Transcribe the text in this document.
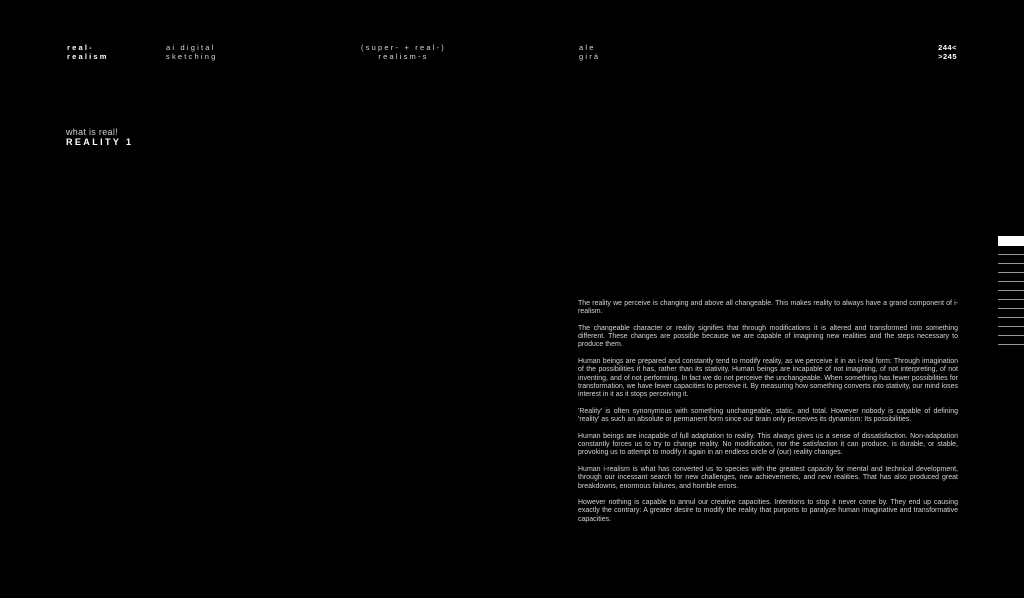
real-
realism
ai digital
sketching
(super- + real-)
realism-s
ale
girá
244<
>245
what is real!
REALITY 1

The reality we perceive is changing and above all changeable. This makes reality to always have a grand component of i-realism.

The changeable character or reality signifies that through modifications it is altered and transformed into something different. These changes are possible because we are capable of imagining new realities and the steps necessary to produce them.

Human beings are prepared and constantly tend to modify reality, as we perceive it in an i-real form: Through imagination of the possibilities it has, rather than its stativity. Human beings are incapable of not imagining, of not interpreting, of not inventing, and of not performing. In fact we do not perceive the unchangeable. When something has fewer possibilities for transformation, we have fewer capacities to perceive it. By measuring how something converts into stativity, our mind loses interest in it as it stops perceiving it.

'Reality' is often synonymous with something unchangeable, static, and total. However nobody is capable of defining 'reality' as such an absolute or permanent form since our brain only perceives its dynamism: Its possibilities.

Human beings are incapable of full adaptation to reality. This always gives us a sense of dissatisfaction. Non-adaptation constantly forces us to try to change reality. No modification, nor the satisfaction it can produce, is durable, or stable, provoking us to attempt to modify it again in an endless circle of (our) reality changes.

Human i-realism is what has converted us to species with the greatest capacity for mental and technical development, through our incessant search for new challenges, new achievements, and new realities. That has also produced great breakdowns, enormous failures, and horrible errors.

However nothing is capable to annul our creative capacities. Intentions to stop it never come by. They end up causing exactly the contrary: A greater desire to modify the reality that purports to paralyze human imaginative and transformative capacities.
